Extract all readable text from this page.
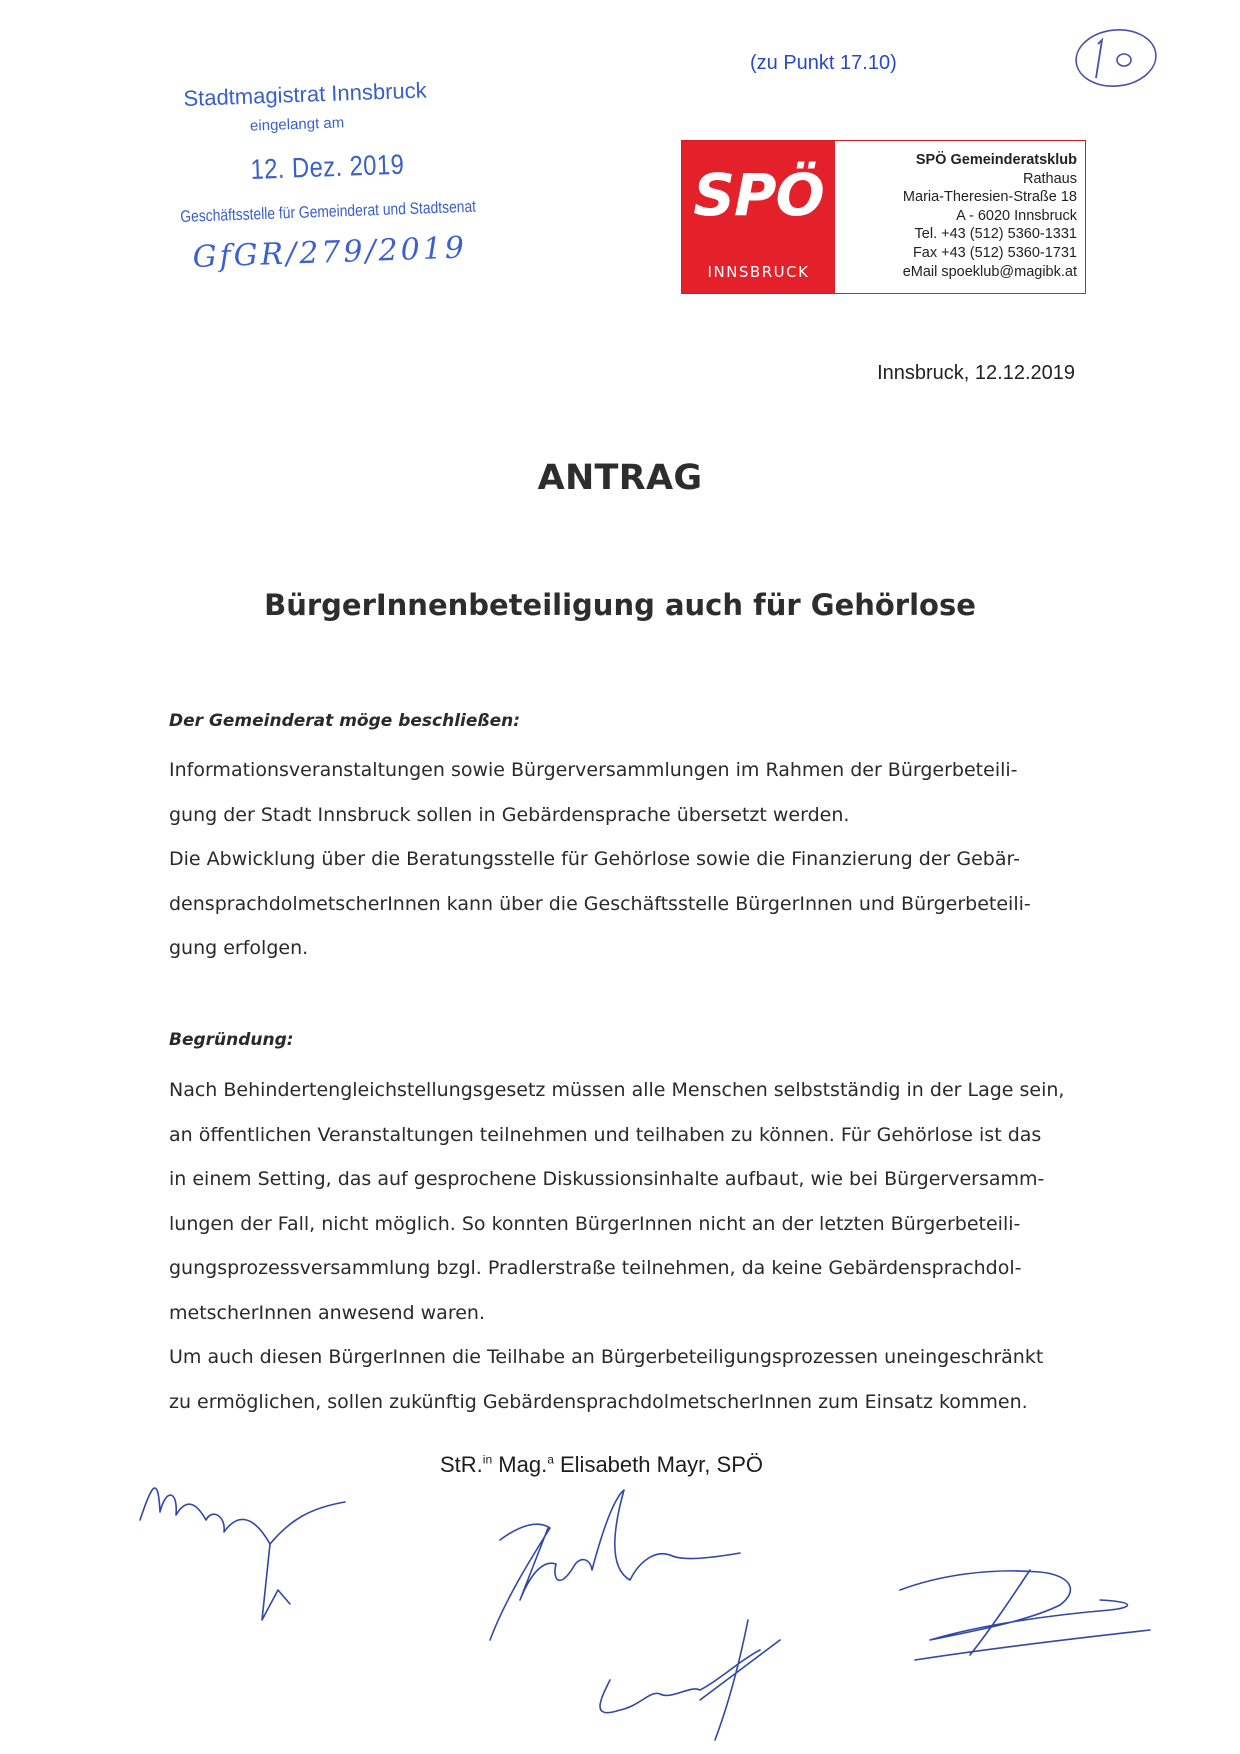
(zu Punkt 17.10)
Stadtmagistrat Innsbruck
eingelangt am
12. Dez. 2019
Geschäftsstelle für Gemeinderat und Stadtsenat
GfGR/279/2019
SPÖ
INNSBRUCK
SPÖ Gemeinderatsklub
Rathaus
Maria-Theresien-Straße 18
A - 6020 Innsbruck
Tel. +43 (512) 5360-1331
Fax +43 (512) 5360-1731
eMail spoeklub@magibk.at
Innsbruck, 12.12.2019
ANTRAG
BürgerInnenbeteiligung auch für Gehörlose
Der Gemeinderat möge beschließen:

Informationsveranstaltungen sowie Bürgerversammlungen im Rahmen der Bürgerbeteili-

gung der Stadt Innsbruck sollen in Gebärdensprache übersetzt werden.

Die Abwicklung über die Beratungsstelle für Gehörlose sowie die Finanzierung der Gebär-

densprachdolmetscherInnen kann über die Geschäftsstelle BürgerInnen und Bürgerbeteili-

gung erfolgen.

Begründung:

Nach Behindertengleichstellungsgesetz müssen alle Menschen selbstständig in der Lage sein,

an öffentlichen Veranstaltungen teilnehmen und teilhaben zu können. Für Gehörlose ist das

in einem Setting, das auf gesprochene Diskussionsinhalte aufbaut, wie bei Bürgerversamm-

lungen der Fall, nicht möglich. So konnten BürgerInnen nicht an der letzten Bürgerbeteili-

gungsprozessversammlung bzgl. Pradlerstraße teilnehmen, da keine Gebärdensprachdol-

metscherInnen anwesend waren.

Um auch diesen BürgerInnen die Teilhabe an Bürgerbeteiligungsprozessen uneingeschränkt

zu ermöglichen, sollen zukünftig GebärdensprachdolmetscherInnen zum Einsatz kommen.

StR.$^{in}$ Mag.$^a$ Elisabeth Mayr, SPÖ
